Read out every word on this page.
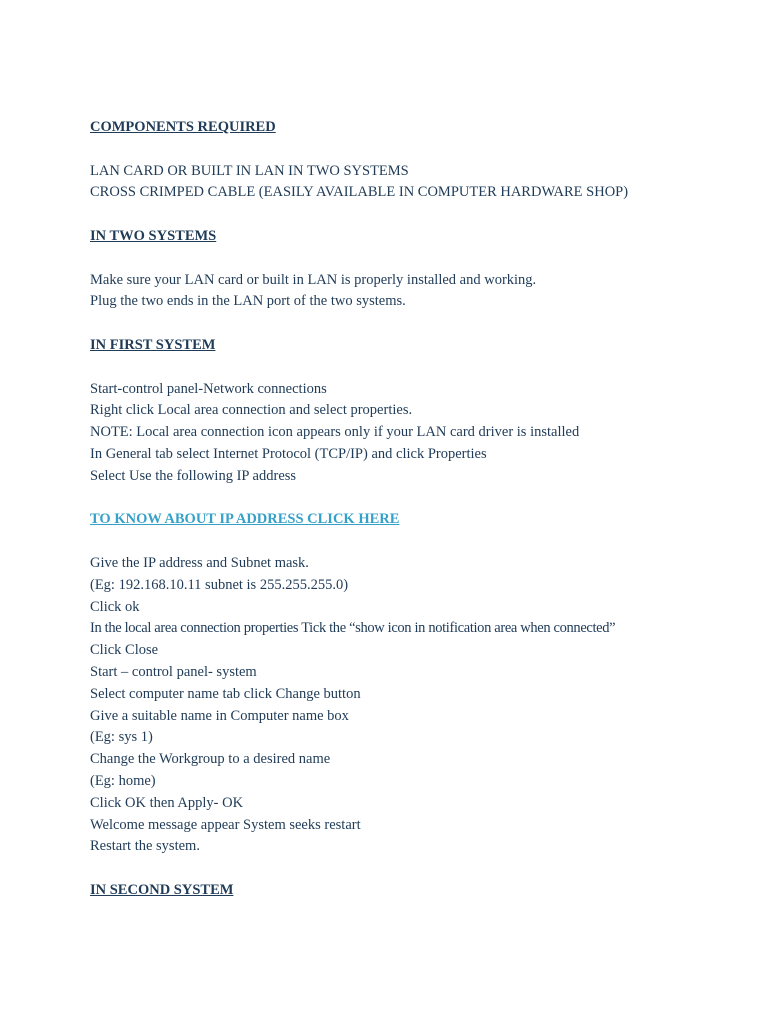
COMPONENTS REQUIRED
LAN CARD OR BUILT IN LAN IN TWO SYSTEMS
CROSS CRIMPED CABLE (EASILY AVAILABLE IN COMPUTER HARDWARE SHOP)
IN TWO SYSTEMS
Make sure your LAN card or built in LAN is properly installed and working.
Plug the two ends in the LAN port of the two systems.
IN FIRST SYSTEM
Start-control panel-Network connections
Right click Local area connection and select properties.
NOTE: Local area connection icon appears only if your LAN card driver is installed
In General tab select Internet Protocol (TCP/IP) and click Properties
Select Use the following IP address
TO KNOW ABOUT IP ADDRESS CLICK HERE
Give the IP address and Subnet mask.
(Eg: 192.168.10.11 subnet is 255.255.255.0)
Click ok
In the local area connection properties Tick the “show icon in notification area when connected”
Click Close
Start – control panel- system
Select computer name tab click Change button
Give a suitable name in Computer name box
(Eg: sys 1)
Change the Workgroup to a desired name
(Eg: home)
Click OK then Apply- OK
Welcome message appear System seeks restart
Restart the system.
IN SECOND SYSTEM
